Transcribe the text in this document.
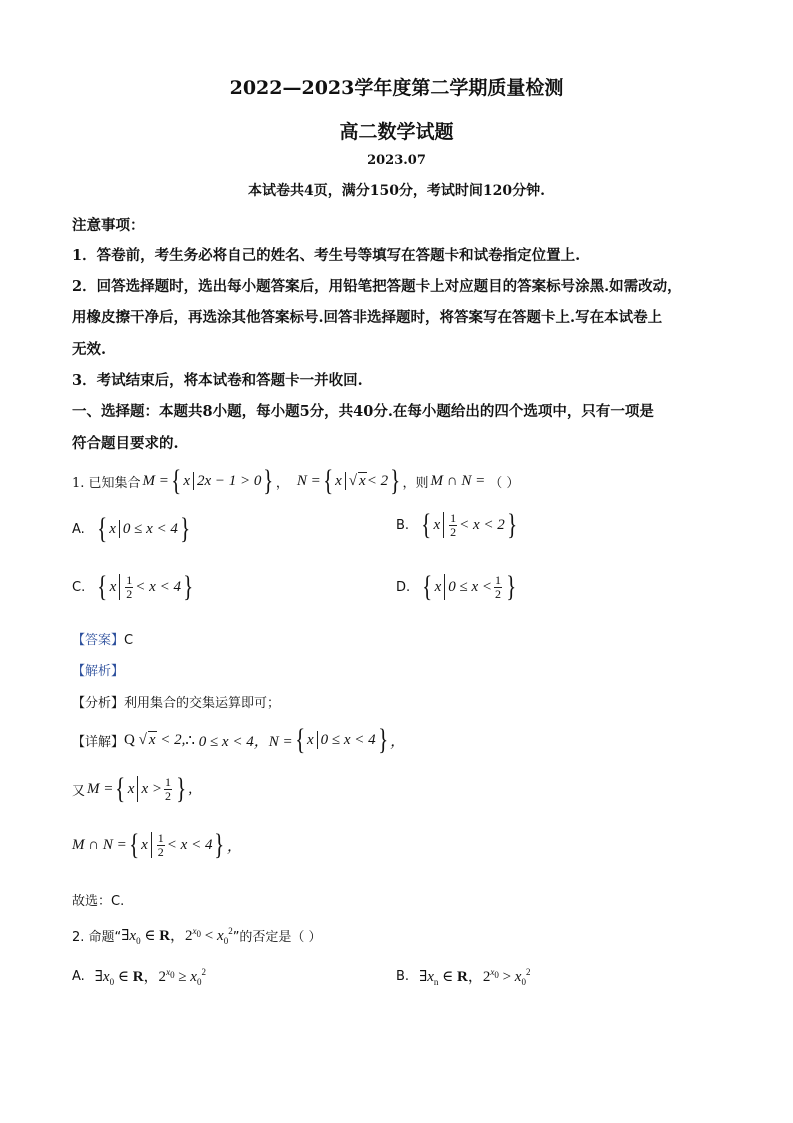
2022—2023学年度第二学期质量检测
高二数学试题
2023.07
本试卷共4页，满分150分，考试时间120分钟.
注意事项：
1．答卷前，考生务必将自己的姓名、考生号等填写在答题卡和试卷指定位置上.
2．回答选择题时，选出每小题答案后，用铅笔把答题卡上对应题目的答案标号涂黑.如需改动，
用橡皮擦干净后，再选涂其他答案标号.回答非选择题时，将答案写在答题卡上.写在本试卷上
无效.
3．考试结束后，将本试卷和答题卡一并收回.
一、选择题：本题共8小题，每小题5分，共40分.在每小题给出的四个选项中，只有一项是
符合题目要求的.
1. 已知集合 M = { x 2x − 1 > 0 } ， N = { x √ x < 2 } ，则 M ∩ N = （ ）
A. { x 0 ≤ x < 4 }	B. { x $\frac{1}{2} < x < 2$ }
C. { x $\frac{1}{2} < x < 4$ }	D. { x $0 \le x < \frac{1}{2}$ }
【答案】C
【解析】
【分析】利用集合的交集运算即可；
【详解】 Q
√ x < 2, ∴ 0 ≤ x < 4，N = { x 0 ≤ x < 4 } ，
又 M = { x $x > \frac{1}{2}$ } ,
M ∩ N = { x $\frac{1}{2} < x < 4$ } ，
故选：C.
2. 命题“ $\exists x_0$ ∈ R，$2^{x_0} < x_0^2$ ”的否定是（ ）
A. $\exists x_0$ ∈ R，$2^{x_0} \ge x_0^2$	B. $\exists x_n$ ∈ R，$2^{x_0} > x_0^2$
